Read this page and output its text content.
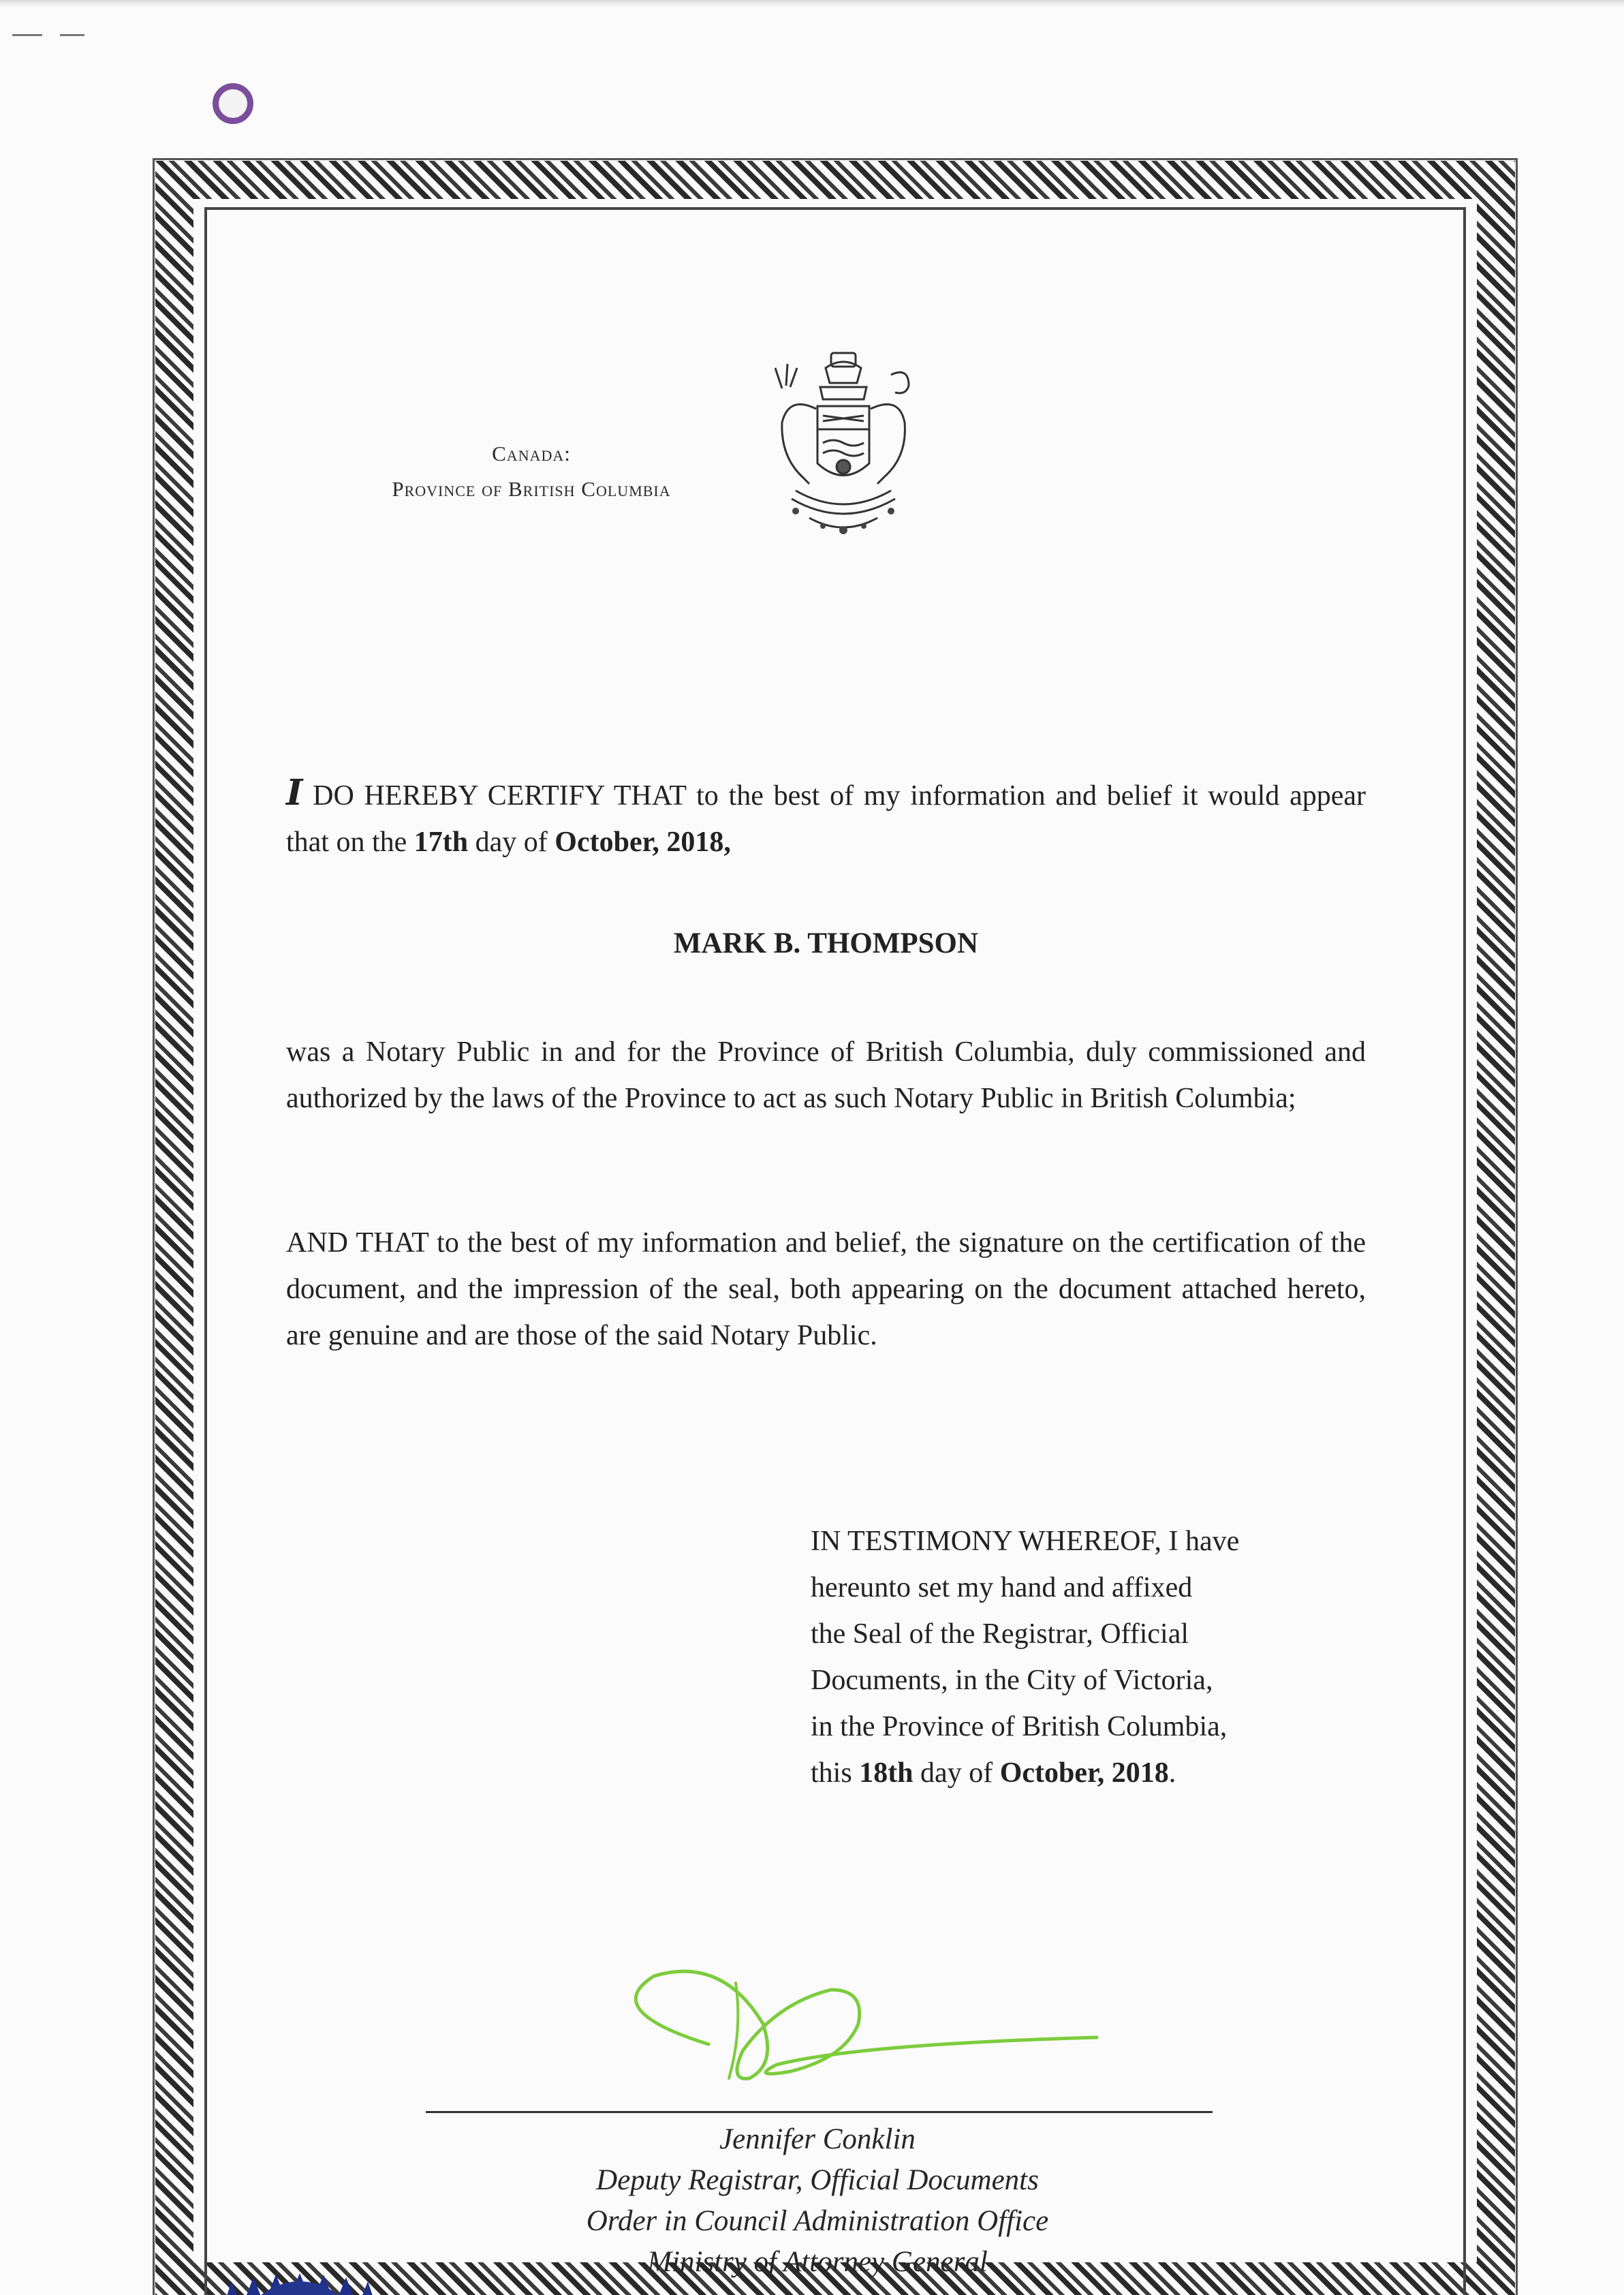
Canada:
Province of British Columbia
I DO HEREBY CERTIFY THAT to the best of my information and belief it would appear that on the 17th day of October, 2018,
MARK B. THOMPSON
was a Notary Public in and for the Province of British Columbia, duly commissioned and authorized by the laws of the Province to act as such Notary Public in British Columbia;
AND THAT to the best of my information and belief, the signature on the certification of the document, and the impression of the seal, both appearing on the document attached hereto, are genuine and are those of the said Notary Public.
IN TESTIMONY WHEREOF, I have
hereunto set my hand and affixed
the Seal of the Registrar, Official
Documents, in the City of Victoria,
in the Province of British Columbia,
this 18th day of October, 2018.
Jennifer Conklin
Deputy Registrar, Official Documents
Order in Council Administration Office
Ministry of Attorney General
